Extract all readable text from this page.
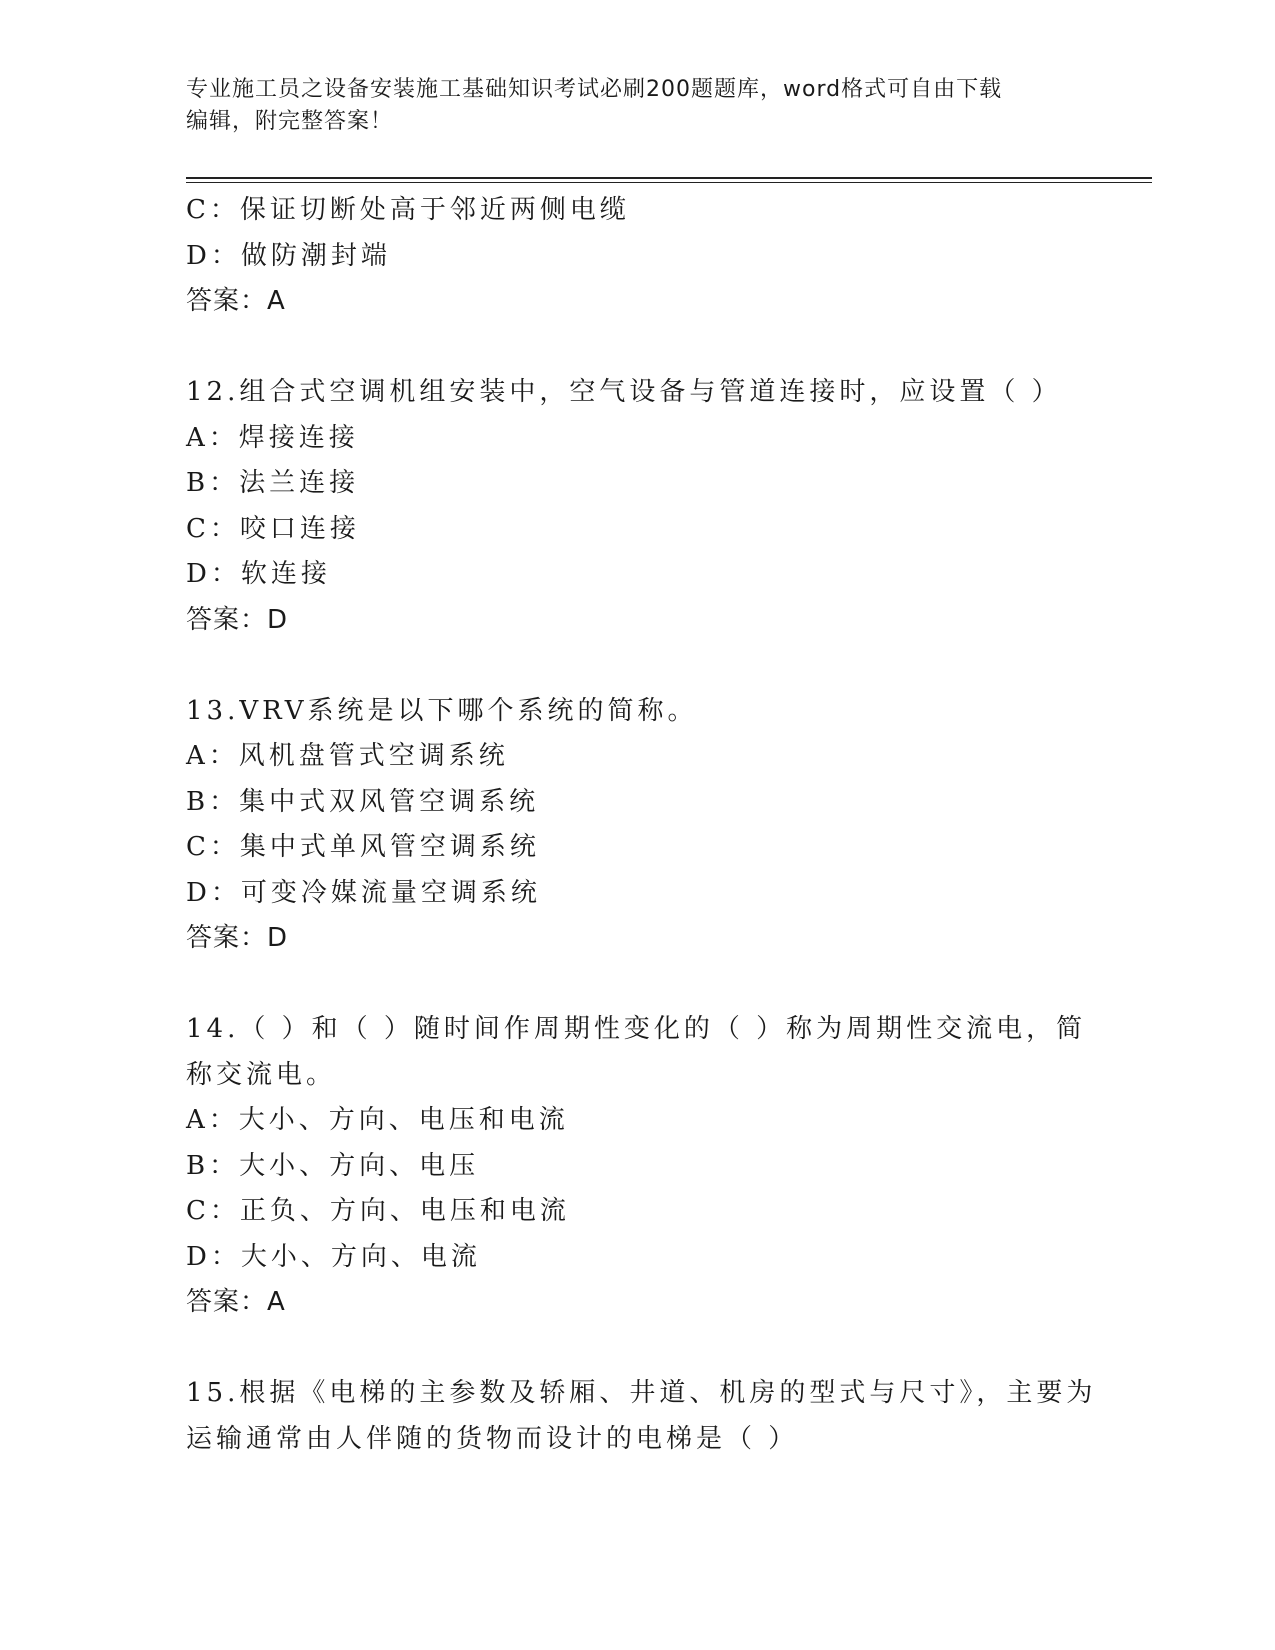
专业施工员之设备安装施工基础知识考试必刷200题题库，word格式可自由下载
编辑，附完整答案！
C：保证切断处高于邻近两侧电缆
D：做防潮封端
答案：A
12.组合式空调机组安装中，空气设备与管道连接时，应设置（ ）
A：焊接连接
B：法兰连接
C：咬口连接
D：软连接
答案：D
13.VRV系统是以下哪个系统的简称。
A：风机盘管式空调系统
B：集中式双风管空调系统
C：集中式单风管空调系统
D：可变冷媒流量空调系统
答案：D
14.（ ）和（ ）随时间作周期性变化的（ ）称为周期性交流电，简
称交流电。
A：大小、方向、电压和电流
B：大小、方向、电压
C：正负、方向、电压和电流
D：大小、方向、电流
答案：A
15.根据《电梯的主参数及轿厢、井道、机房的型式与尺寸》，主要为
运输通常由人伴随的货物而设计的电梯是（ ）
